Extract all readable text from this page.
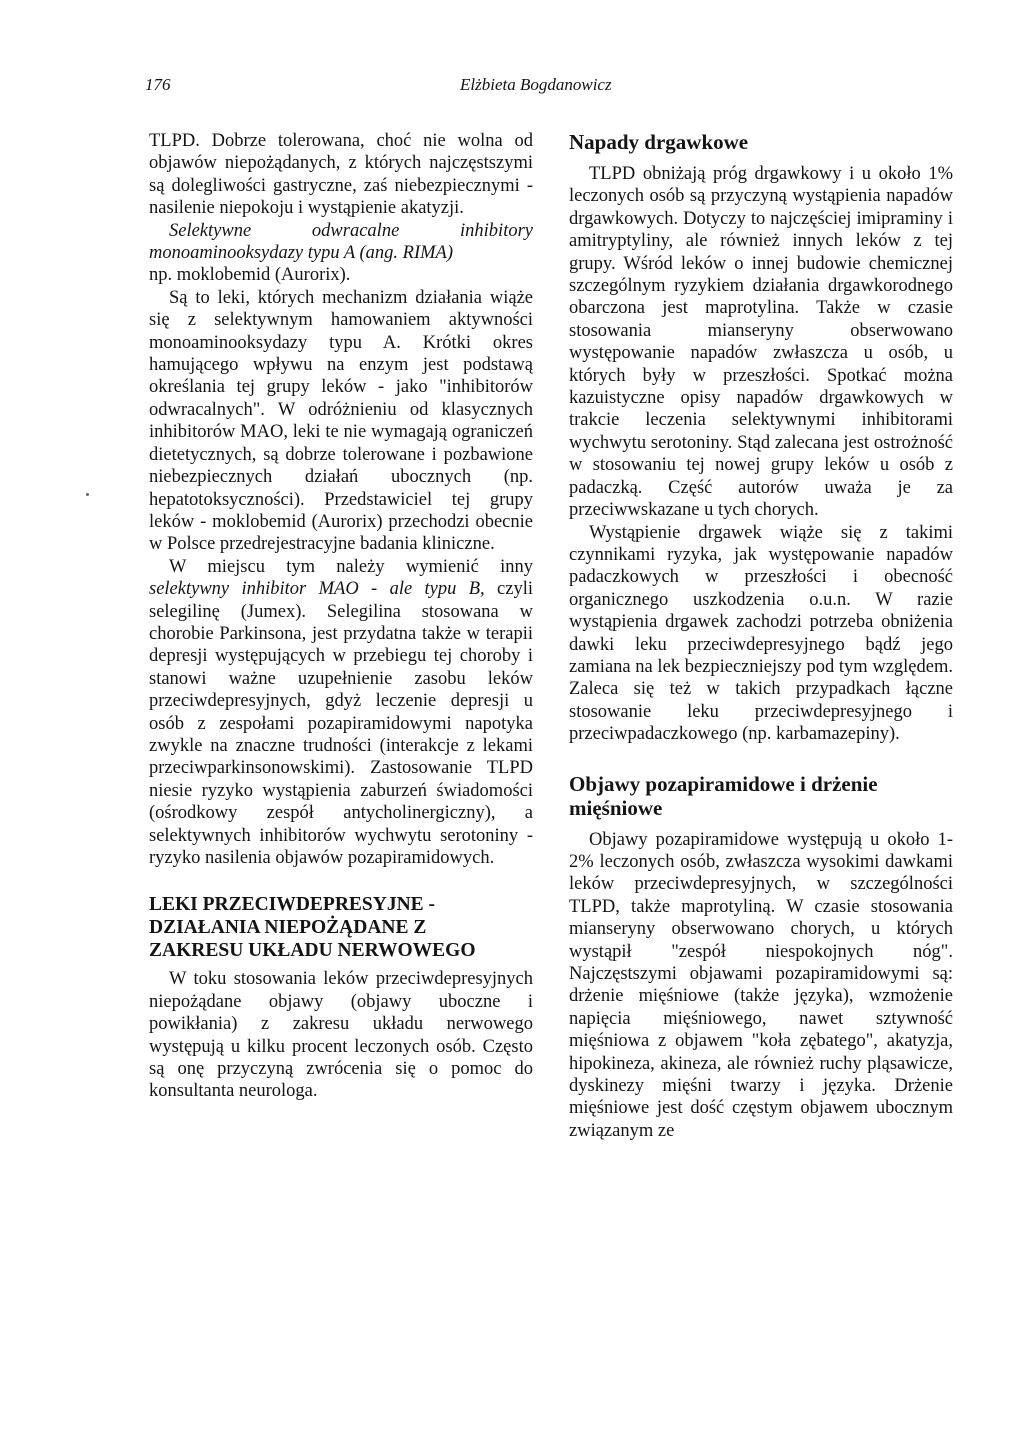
176	Elżbieta Bogdanowicz

TLPD. Dobrze tolerowana, choć nie wolna od objawów niepożądanych, z których najczęstszymi są dolegliwości gastryczne, zaś niebezpiecznymi - nasilenie niepokoju i wystąpienie akatyzji.

Selektywne odwracalne inhibitory monoaminooksydazy typu A (ang. RIMA)

np. moklobemid (Aurorix).

Są to leki, których mechanizm działania wiąże się z selektywnym hamowaniem aktywności monoaminooksydazy typu A. Krótki okres hamującego wpływu na enzym jest podstawą określania tej grupy leków - jako "inhibitorów odwracalnych". W odróżnieniu od klasycznych inhibitorów MAO, leki te nie wymagają ograniczeń dietetycznych, są dobrze tolerowane i pozbawione niebezpiecznych działań ubocznych (np. hepatotoksyczności). Przedstawiciel tej grupy leków - moklobemid (Aurorix) przechodzi obecnie w Polsce przedrejestracyjne badania kliniczne.

W miejscu tym należy wymienić inny selektywny inhibitor MAO - ale typu B, czyli selegilinę (Jumex). Selegilina stosowana w chorobie Parkinsona, jest przydatna także w terapii depresji występujących w przebiegu tej choroby i stanowi ważne uzupełnienie zasobu leków przeciwdepresyjnych, gdyż leczenie depresji u osób z zespołami pozapiramidowymi napotyka zwykle na znaczne trudności (interakcje z lekami przeciwparkinsonowskimi). Zastosowanie TLPD niesie ryzyko wystąpienia zaburzeń świadomości (ośrodkowy zespół antycholinergiczny), a selektywnych inhibitorów wychwytu serotoniny - ryzyko nasilenia objawów pozapiramidowych.

LEKI PRZECIWDEPRESYJNE - DZIAŁANIA NIEPOŻĄDANE Z ZAKRESU UKŁADU NERWOWEGO

W toku stosowania leków przeciwdepresyjnych niepożądane objawy (objawy uboczne i powikłania) z zakresu układu nerwowego występują u kilku procent leczonych osób. Często są onę przyczyną zwrócenia się o pomoc do konsultanta neurologa.

Napady drgawkowe

TLPD obniżają próg drgawkowy i u około 1% leczonych osób są przyczyną wystąpienia napadów drgawkowych. Dotyczy to najczęściej imipraminy i amitryptyliny, ale również innych leków z tej grupy. Wśród leków o innej budowie chemicznej szczególnym ryzykiem działania drgawkorodnego obarczona jest maprotylina. Także w czasie stosowania mianseryny obserwowano występowanie napadów zwłaszcza u osób, u których były w przeszłości. Spotkać można kazuistyczne opisy napadów drgawkowych w trakcie leczenia selektywnymi inhibitorami wychwytu serotoniny. Stąd zalecana jest ostrożność w stosowaniu tej nowej grupy leków u osób z padaczką. Część autorów uważa je za przeciwwskazane u tych chorych.

Wystąpienie drgawek wiąże się z takimi czynnikami ryzyka, jak występowanie napadów padaczkowych w przeszłości i obecność organicznego uszkodzenia o.u.n. W razie wystąpienia drgawek zachodzi potrzeba obniżenia dawki leku przeciwdepresyjnego bądź jego zamiana na lek bezpieczniejszy pod tym względem. Zaleca się też w takich przypadkach łączne stosowanie leku przeciwdepresyjnego i przeciwpadaczkowego (np. karbamazepiny).

Objawy pozapiramidowe i drżenie mięśniowe

Objawy pozapiramidowe występują u około 1-2% leczonych osób, zwłaszcza wysokimi dawkami leków przeciwdepresyjnych, w szczególności TLPD, także maprotyliną. W czasie stosowania mianseryny obserwowano chorych, u których wystąpił "zespół niespokojnych nóg". Najczęstszymi objawami pozapiramidowymi są: drżenie mięśniowe (także języka), wzmożenie napięcia mięśniowego, nawet sztywność mięśniowa z objawem "koła zębatego", akatyzja, hipokineza, akineza, ale również ruchy pląsawicze, dyskinezy mięśni twarzy i języka. Drżenie mięśniowe jest dość częstym objawem ubocznym związanym ze
